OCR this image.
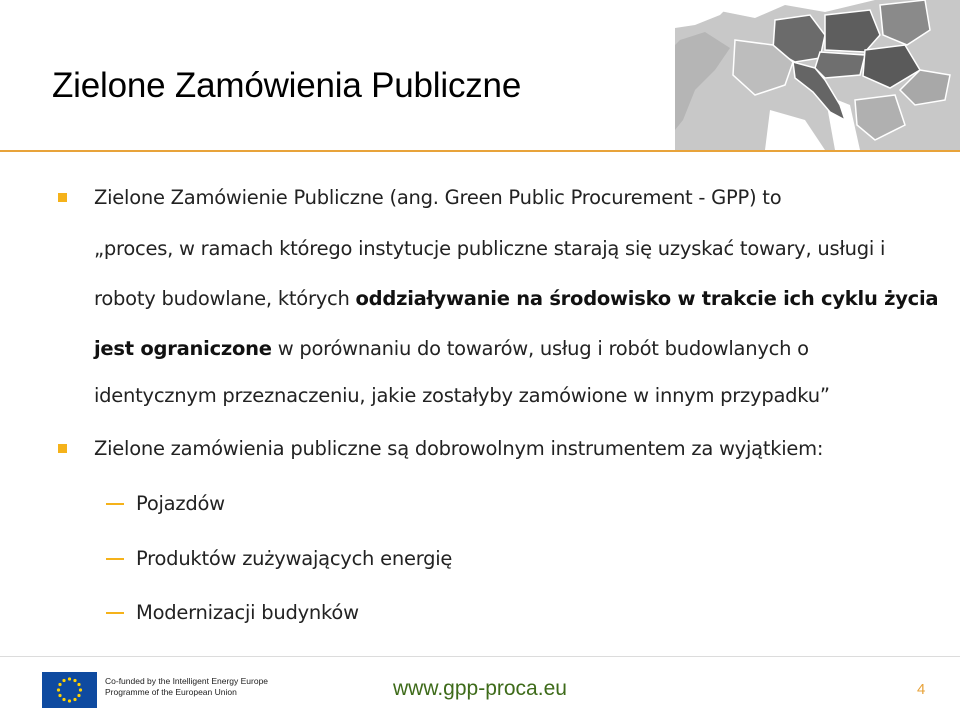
Zielone Zamówienia Publiczne
Zielone Zamówienie Publiczne (ang. Green Public Procurement - GPP) to
„proces, w ramach którego instytucje publiczne starają się uzyskać towary, usługi i
roboty budowlane, których oddziaływanie na środowisko w trakcie ich cyklu życia
jest ograniczone w porównaniu do towarów, usług i robót budowlanych o
identycznym przeznaczeniu, jakie zostałyby zamówione w innym przypadku”
Zielone zamówienia publiczne są dobrowolnym instrumentem za wyjątkiem:
Pojazdów
Produktów zużywających energię
Modernizacji budynków
Co-funded by the Intelligent Energy Europe
Programme of the European Union	www.gpp-proca.eu	4
